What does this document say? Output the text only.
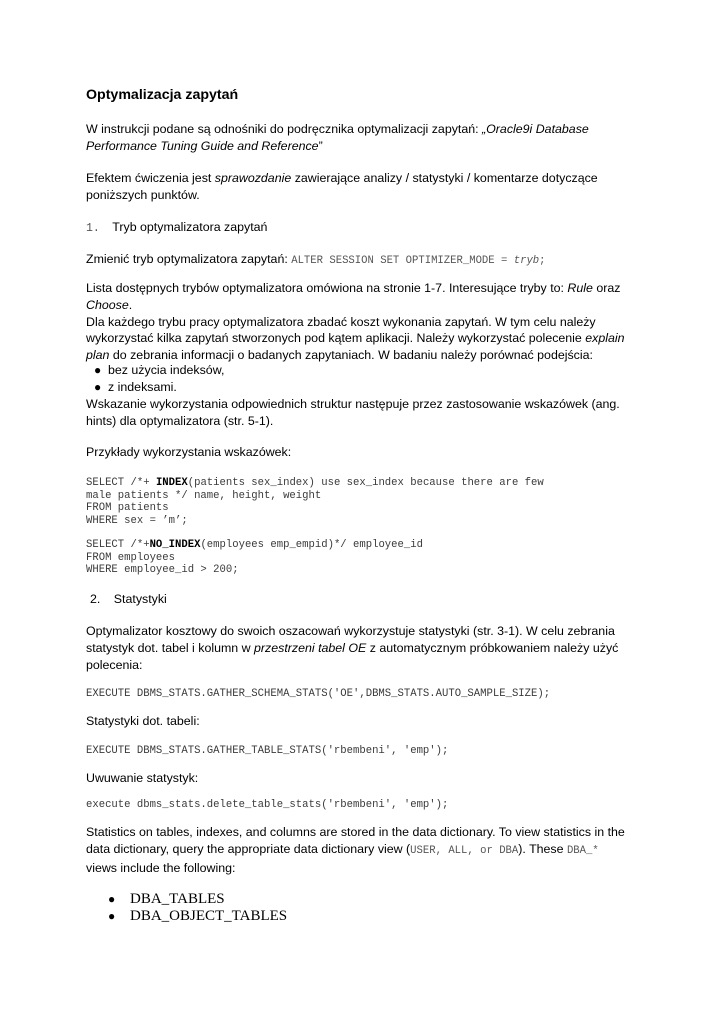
Optymalizacja zapytań
W instrukcji podane są odnośniki do podręcznika optymalizacji zapytań: „Oracle9i Database Performance Tuning Guide and Reference”
Efektem ćwiczenia jest sprawozdanie zawierające analizy / statystyki / komentarze dotyczące poniższych punktów.
1. Tryb optymalizatora zapytań
Zmienić tryb optymalizatora zapytań: ALTER SESSION SET OPTIMIZER_MODE = tryb;
Lista dostępnych trybów optymalizatora omówiona na stronie 1-7. Interesujące tryby to: Rule oraz Choose.
Dla każdego trybu pracy optymalizatora zbadać koszt wykonania zapytań. W tym celu należy wykorzystać kilka zapytań stworzonych pod kątem aplikacji. Należy wykorzystać polecenie explain plan do zebrania informacji o badanych zapytaniach. W badaniu należy porównać podejścia:
● bez użycia indeksów,
● z indeksami.
Wskazanie wykorzystania odpowiednich struktur następuje przez zastosowanie wskazówek (ang. hints) dla optymalizatora (str. 5-1).
Przykłady wykorzystania wskazówek:
SELECT /*+ INDEX(patients sex_index) use sex_index because there are few
male patients */ name, height, weight
FROM patients
WHERE sex = ’m’;
SELECT /*+NO_INDEX(employees emp_empid)*/ employee_id
FROM employees
WHERE employee_id > 200;
2. Statystyki
Optymalizator kosztowy do swoich oszacowań wykorzystuje statystyki (str. 3-1). W celu zebrania statystyk dot. tabel i kolumn w przestrzeni tabel OE z automatycznym próbkowaniem należy użyć polecenia:
EXECUTE DBMS_STATS.GATHER_SCHEMA_STATS('OE',DBMS_STATS.AUTO_SAMPLE_SIZE);
Statystyki dot. tabeli:
EXECUTE DBMS_STATS.GATHER_TABLE_STATS('rbembeni', 'emp');
Uwuwanie statystyk:
execute dbms_stats.delete_table_stats('rbembeni', 'emp');
Statistics on tables, indexes, and columns are stored in the data dictionary. To view statistics in the data dictionary, query the appropriate data dictionary view (USER, ALL, or DBA). These DBA_* views include the following:
● DBA_TABLES
● DBA_OBJECT_TABLES
